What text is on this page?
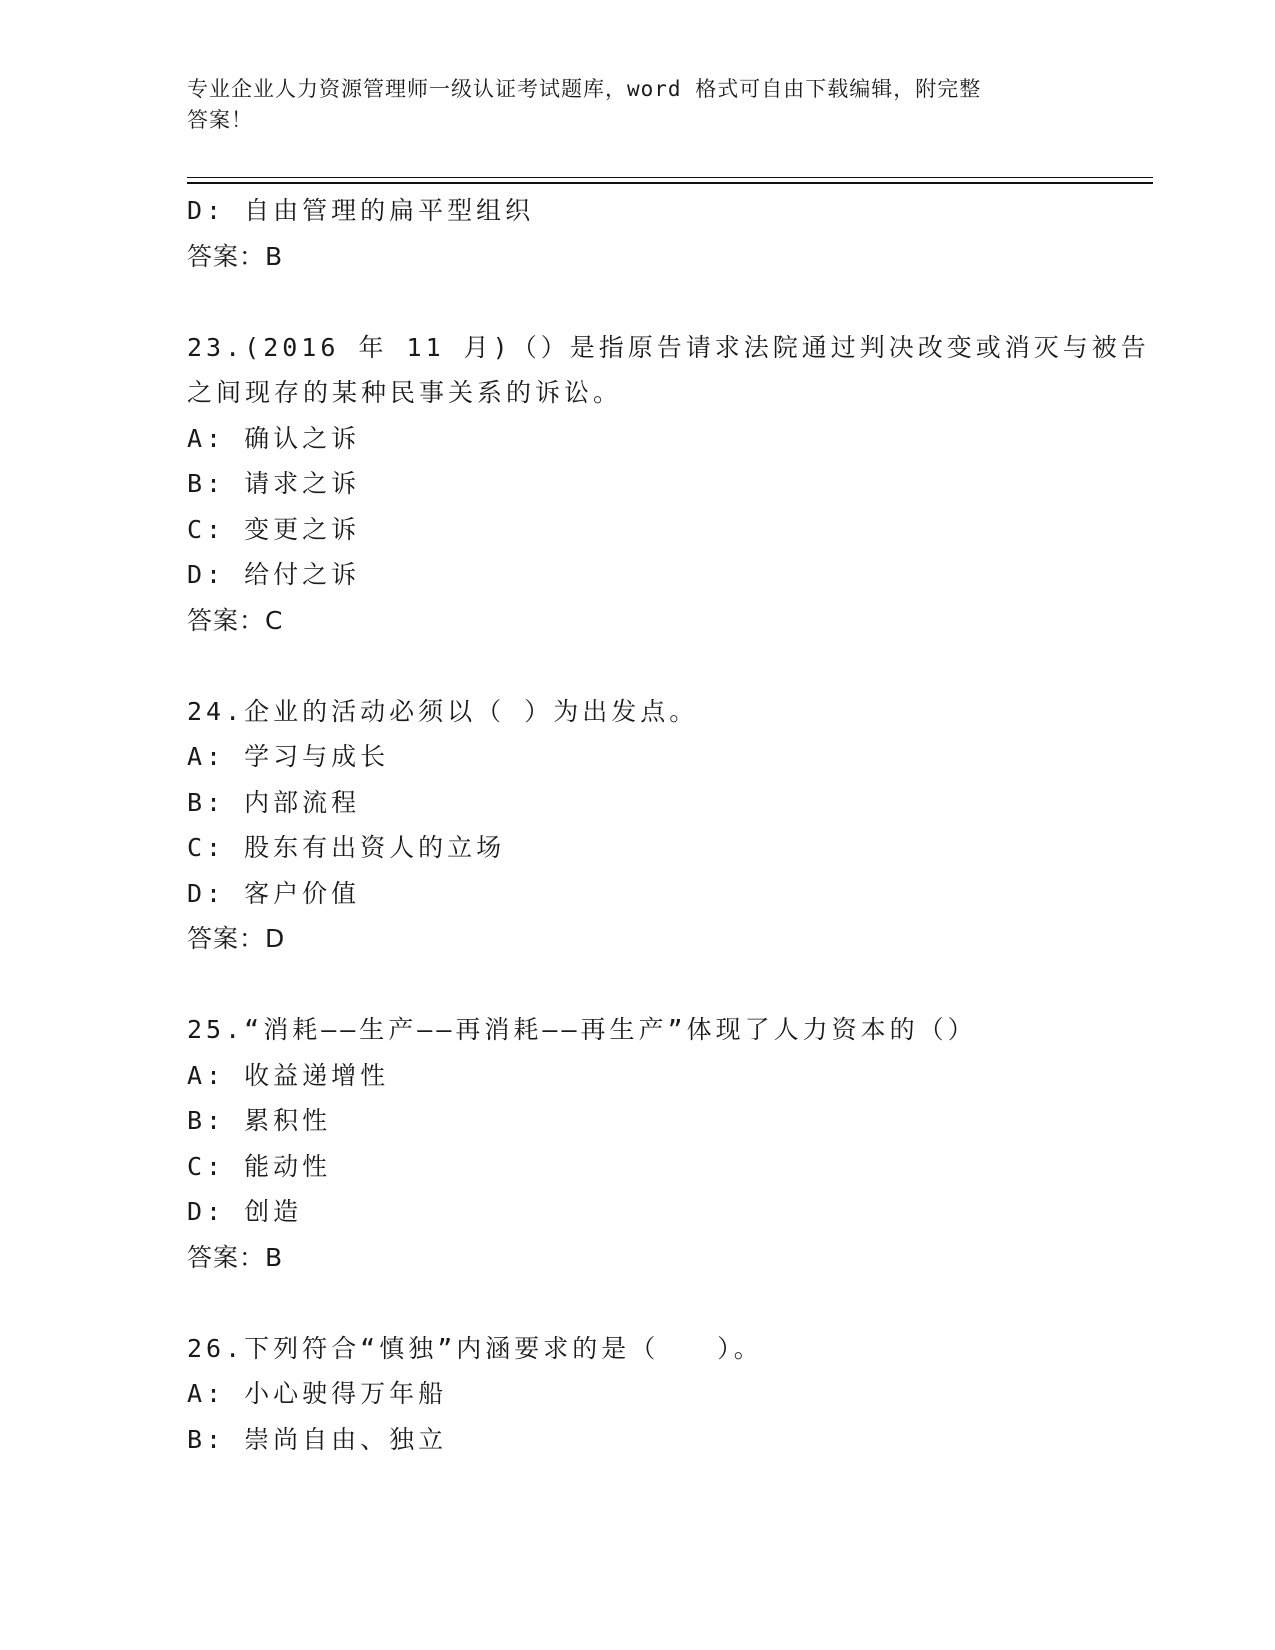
专业企业人力资源管理师一级认证考试题库，word 格式可自由下载编辑，附完整
答案！
D: 自由管理的扁平型组织
答案：B
23.(2016 年 11 月)（）是指原告请求法院通过判决改变或消灭与被告
之间现存的某种民事关系的诉讼。
A: 确认之诉
B: 请求之诉
C: 变更之诉
D: 给付之诉
答案：C
24.企业的活动必须以（ ）为出发点。
A: 学习与成长
B: 内部流程
C: 股东有出资人的立场
D: 客户价值
答案：D
25.“消耗——生产——再消耗——再生产”体现了人力资本的（）
A: 收益递增性
B: 累积性
C: 能动性
D: 创造
答案：B
26.下列符合“慎独”内涵要求的是（　　）。
A: 小心驶得万年船
B: 崇尚自由、独立
